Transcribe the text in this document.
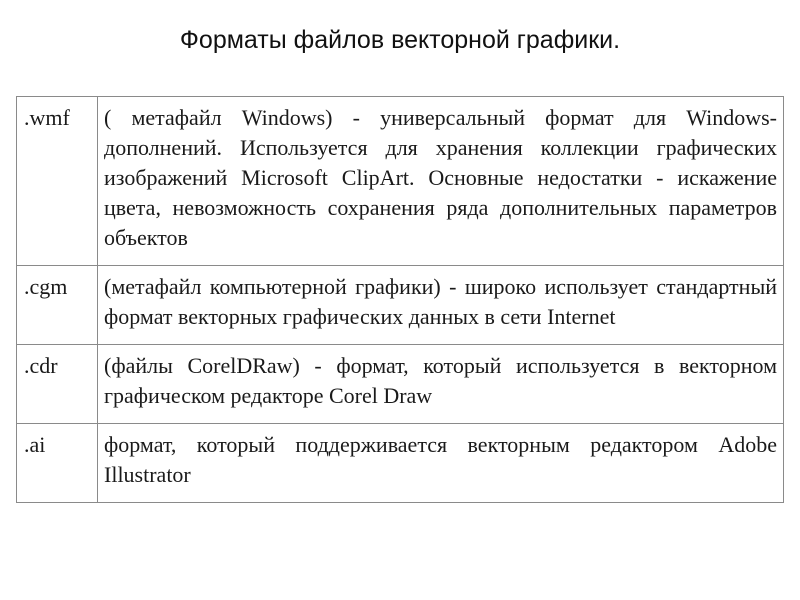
Форматы файлов векторной графики.
.wmf	( метафайл Windows) - универсальный формат для Windows-дополнений. Используется для хранения коллекции графических изображений Microsoft ClipArt. Основные недостатки - искажение цвета, невозможность сохранения ряда дополнительных параметров объектов
.cgm	(метафайл компьютерной графики) - широко использует стандартный формат векторных графических данных в сети Internet
.cdr	(файлы CorelDRaw) - формат, который используется в векторном графическом редакторе Corel Draw
.ai	формат, который поддерживается векторным редактором Adobe Illustrator
